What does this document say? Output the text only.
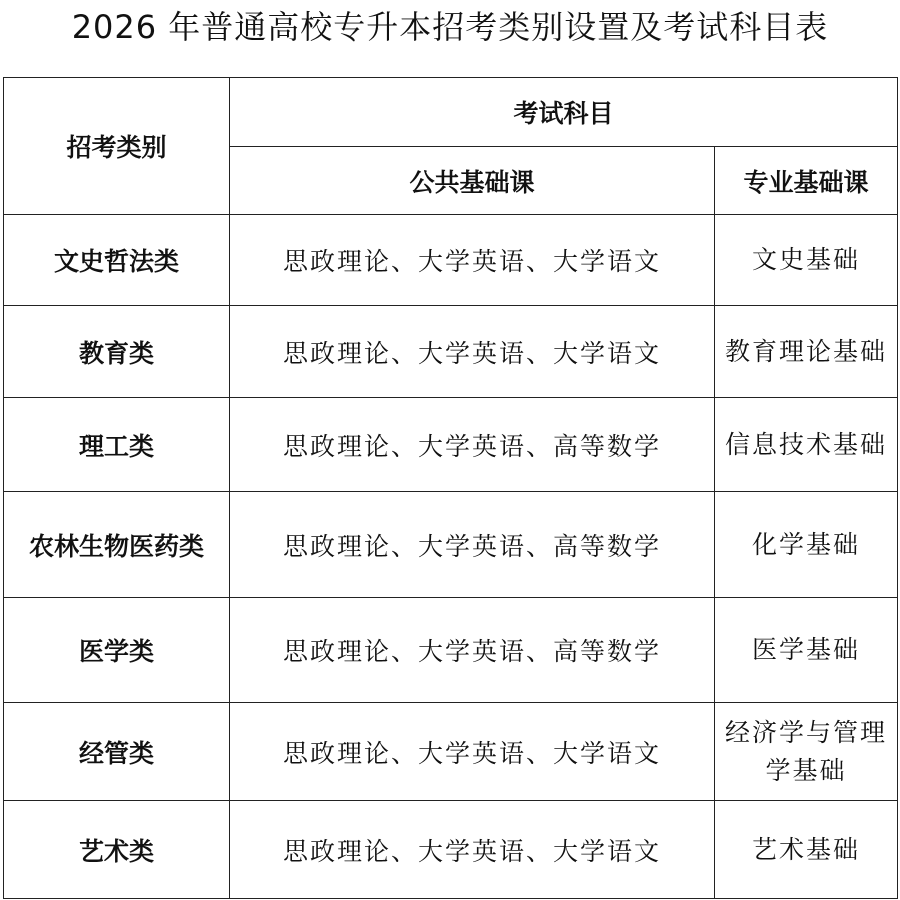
2026 年普通高校专升本招考类别设置及考试科目表
招考类别	考试科目	
	公共基础课	专业基础课
文史哲法类	思政理论、大学英语、大学语文	文史基础
教育类	思政理论、大学英语、大学语文	教育理论基础
理工类	思政理论、大学英语、高等数学	信息技术基础
农林生物医药类	思政理论、大学英语、高等数学	化学基础
医学类	思政理论、大学英语、高等数学	医学基础
经管类	思政理论、大学英语、大学语文	经济学与管理学基础
艺术类	思政理论、大学英语、大学语文	艺术基础
